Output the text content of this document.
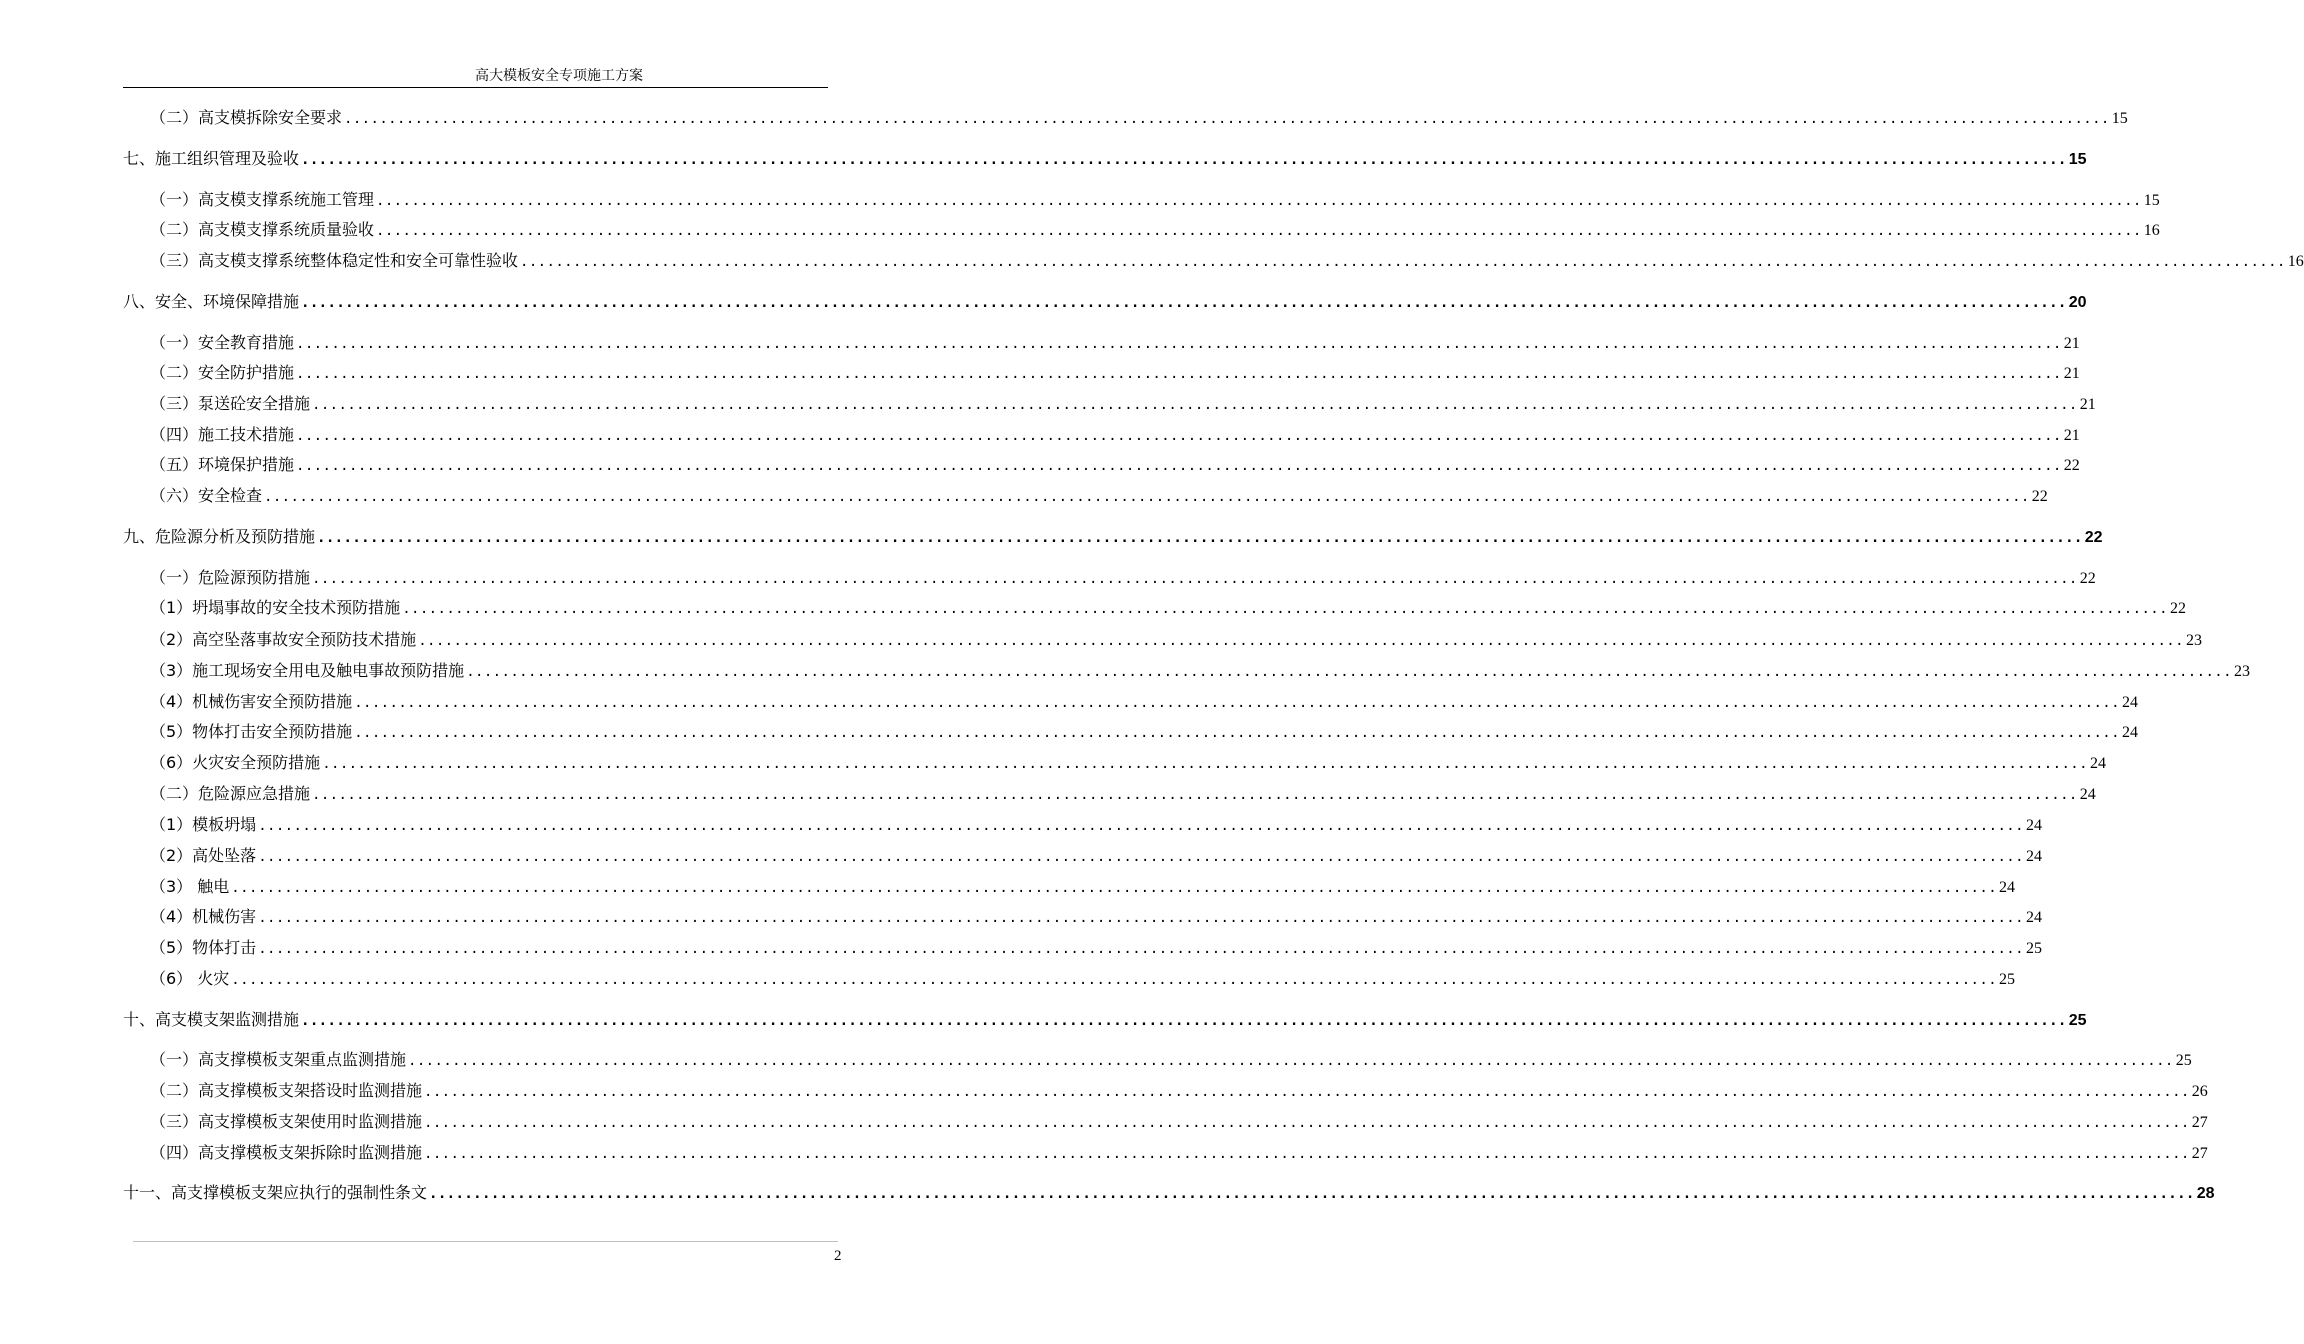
高大模板安全专项施工方案
（二）高支模拆除安全要求 ........................................................................................................................................................................................................ 15
七、施工组织管理及验收 ........................................................................................................................................................................................................ 15
（一）高支模支撑系统施工管理 ........................................................................................................................................................................................................ 15
（二）高支模支撑系统质量验收 ........................................................................................................................................................................................................ 16
（三）高支模支撑系统整体稳定性和安全可靠性验收 ........................................................................................................................................................................................................ 16
八、安全、环境保障措施 ........................................................................................................................................................................................................ 20
（一）安全教育措施 ........................................................................................................................................................................................................ 21
（二）安全防护措施 ........................................................................................................................................................................................................ 21
（三）泵送砼安全措施 ........................................................................................................................................................................................................ 21
（四）施工技术措施 ........................................................................................................................................................................................................ 21
（五）环境保护措施 ........................................................................................................................................................................................................ 22
（六）安全检查 ........................................................................................................................................................................................................ 22
九、危险源分析及预防措施 ........................................................................................................................................................................................................ 22
（一）危险源预防措施 ........................................................................................................................................................................................................ 22
（1）坍塌事故的安全技术预防措施 ........................................................................................................................................................................................................ 22
（2）高空坠落事故安全预防技术措施 ........................................................................................................................................................................................................ 23
（3）施工现场安全用电及触电事故预防措施 ........................................................................................................................................................................................................ 23
（4）机械伤害安全预防措施 ........................................................................................................................................................................................................ 24
（5）物体打击安全预防措施 ........................................................................................................................................................................................................ 24
（6）火灾安全预防措施 ........................................................................................................................................................................................................ 24
（二）危险源应急措施 ........................................................................................................................................................................................................ 24
（1）模板坍塌 ........................................................................................................................................................................................................ 24
（2）高处坠落 ........................................................................................................................................................................................................ 24
（3） 触电 ........................................................................................................................................................................................................ 24
（4）机械伤害 ........................................................................................................................................................................................................ 24
（5）物体打击 ........................................................................................................................................................................................................ 25
（6） 火灾 ........................................................................................................................................................................................................ 25
十、高支模支架监测措施 ........................................................................................................................................................................................................ 25
（一）高支撑模板支架重点监测措施 ........................................................................................................................................................................................................ 25
（二）高支撑模板支架搭设时监测措施 ........................................................................................................................................................................................................ 26
（三）高支撑模板支架使用时监测措施 ........................................................................................................................................................................................................ 27
（四）高支撑模板支架拆除时监测措施 ........................................................................................................................................................................................................ 27
十一、高支撑模板支架应执行的强制性条文 ........................................................................................................................................................................................................ 28
2
